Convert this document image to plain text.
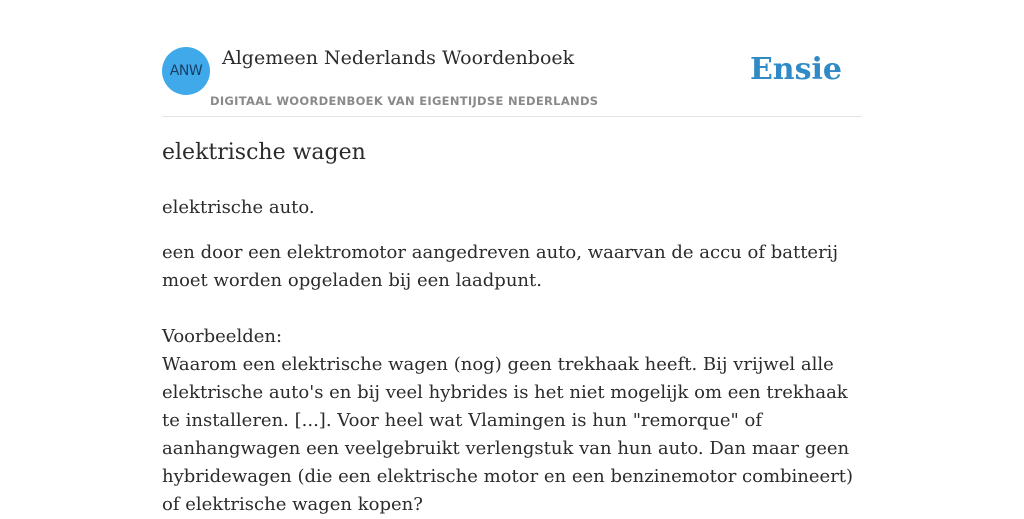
ANW
Algemeen Nederlands Woordenboek
DIGITAAL WOORDENBOEK VAN EIGENTIJDSE NEDERLANDS
Ensie
elektrische wagen

elektrische auto.

een door een elektromotor aangedreven auto, waarvan de accu of batterij moet worden opgeladen bij een laadpunt.

Voorbeelden:
Waarom een elektrische wagen (nog) geen trekhaak heeft. Bij vrijwel alle elektrische auto's en bij veel hybrides is het niet mogelijk om een trekhaak te installeren. [...]. Voor heel wat Vlamingen is hun "remorque" of aanhangwagen een veelgebruikt verlengstuk van hun auto. Dan maar geen hybridewagen (die een elektrische motor en een benzinemotor combineert) of elektrische wagen kopen?
